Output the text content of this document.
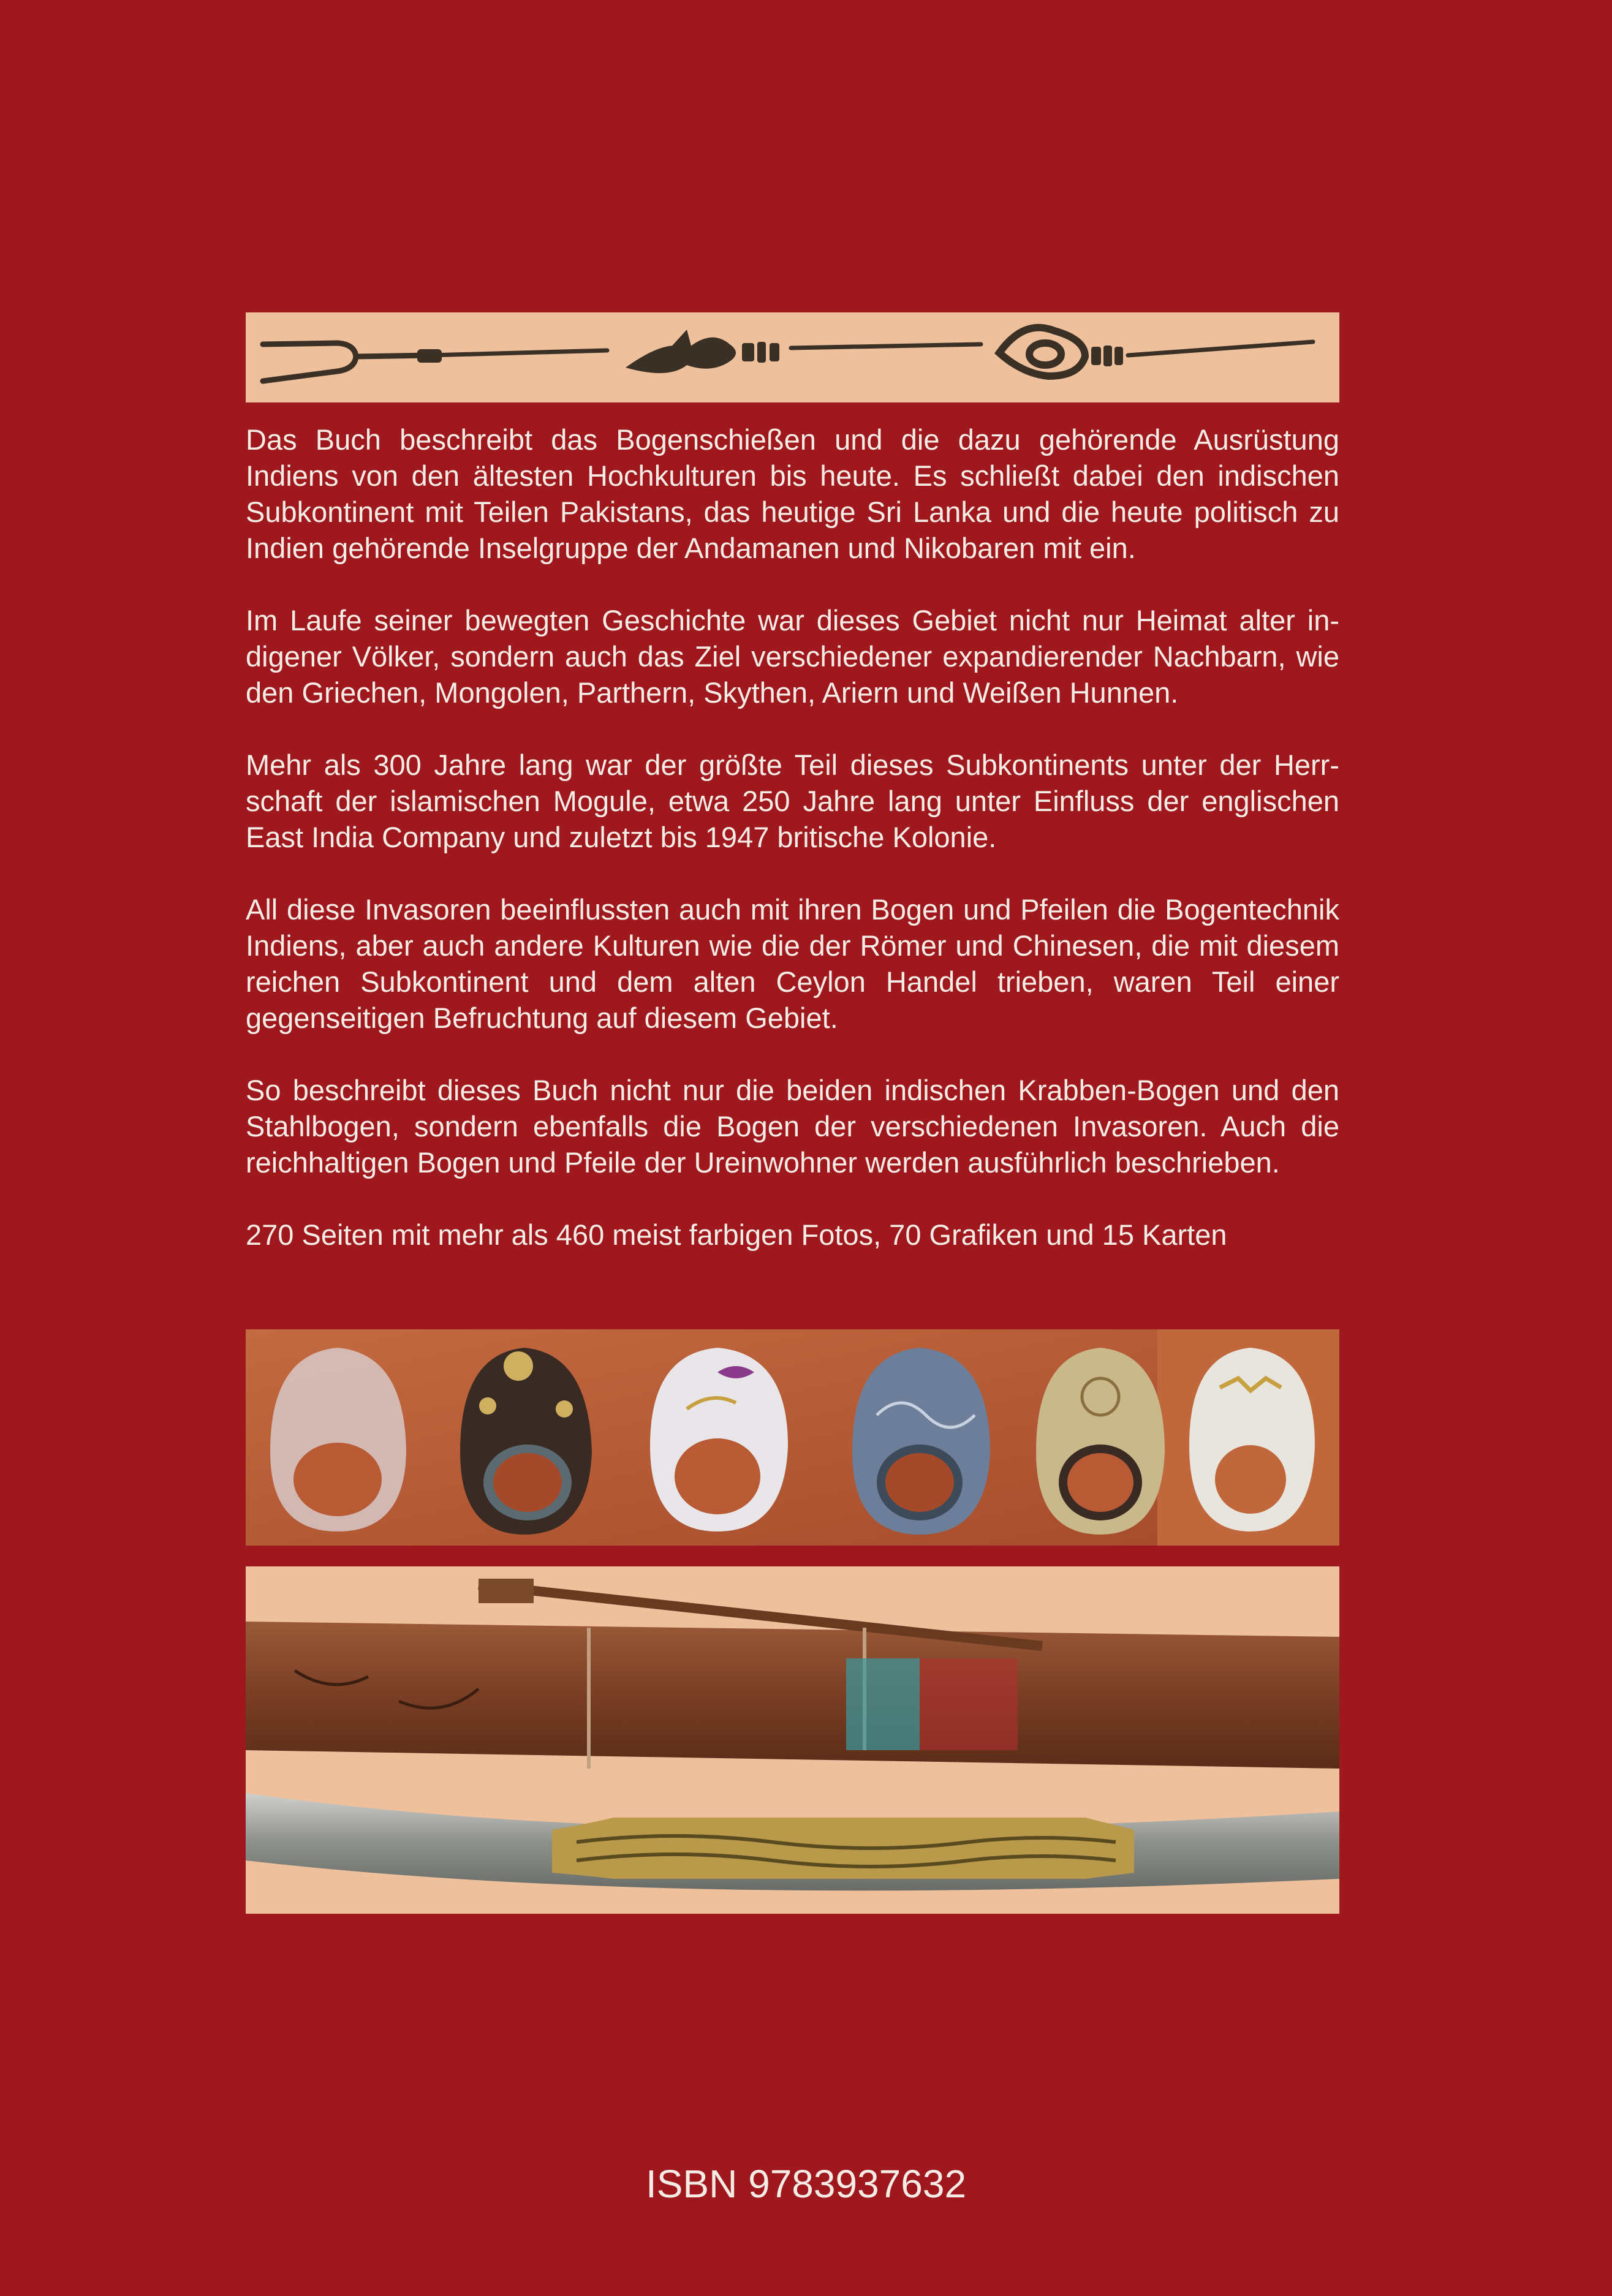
Das Buch beschreibt das Bogenschießen und die dazu gehörende Ausrüstung Indiens von den ältesten Hochkulturen bis heute. Es schließt dabei den indischen Subkontinent mit Teilen Pakistans, das heutige Sri Lanka und die heute politisch zu Indien gehörende Inselgruppe der Andamanen und Nikobaren mit ein.

Im Laufe seiner bewegten Geschichte war dieses Gebiet nicht nur Heimat alter indigener Völker, sondern auch das Ziel verschiedener expandierender Nachbarn, wie den Griechen, Mongolen, Parthern, Skythen, Ariern und Weißen Hunnen.

Mehr als 300 Jahre lang war der größte Teil dieses Subkontinents unter der Herrschaft der islamischen Mogule, etwa 250 Jahre lang unter Einfluss der englischen East India Company und zuletzt bis 1947 britische Kolonie.

All diese Invasoren beeinflussten auch mit ihren Bogen und Pfeilen die Bogentechnik Indiens, aber auch andere Kulturen wie die der Römer und Chinesen, die mit diesem reichen Subkontinent und dem alten Ceylon Handel trieben, waren Teil einer gegenseitigen Befruchtung auf diesem Gebiet.

So beschreibt dieses Buch nicht nur die beiden indischen Krabben-Bogen und den Stahlbogen, sondern ebenfalls die Bogen der verschiedenen Invasoren. Auch die reichhaltigen Bogen und Pfeile der Ureinwohner werden ausführlich beschrieben.

270 Seiten mit mehr als 460 meist farbigen Fotos, 70 Grafiken und 15 Karten

ISBN 9783937632
